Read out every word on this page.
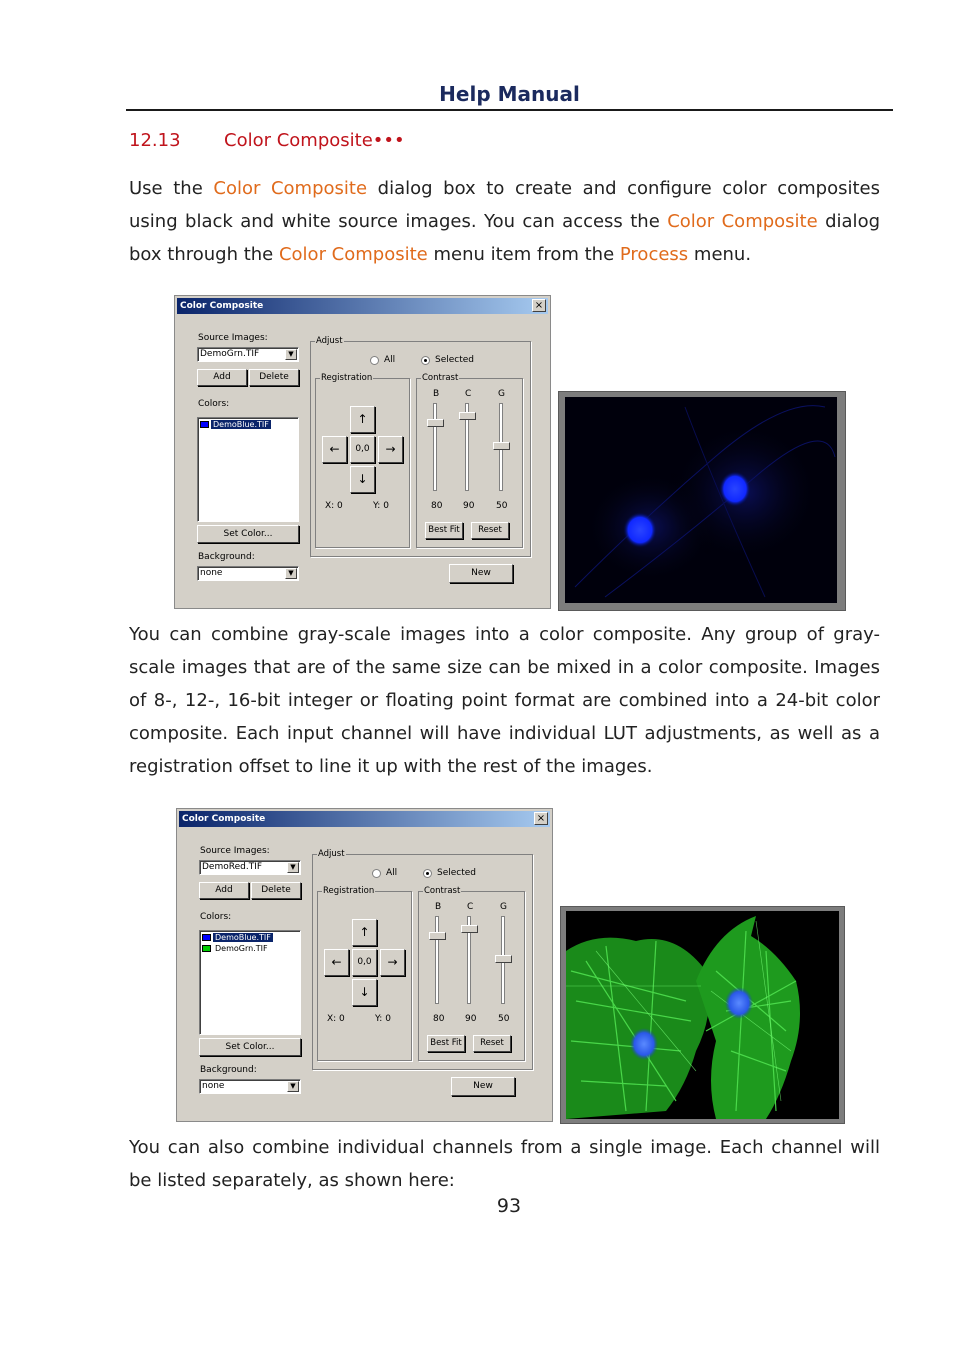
Help Manual
12.13 Color Composite•••
Use the Color Composite dialog box to create and configure color composites using black and white source images. You can access the Color Composite dialog box through the Color Composite menu item from the Process menu.
Color Composite	×
Source Images:
DemoGrn.TIF	▼
Add	Delete
Colors:
DemoBlue.TIF
Set Color...
Background:
none	▼
Adjust
All	Selected
Registration
↑
←	0,0	→
↓
X: 0	Y: 0
Contrast
B	C	G
80 90 50
Best Fit	Reset
New
You can combine gray-scale images into a color composite. Any group of gray-scale images that are of the same size can be mixed in a color composite. Images of 8-, 12-, 16-bit integer or floating point format are combined into a 24-bit color composite. Each input channel will have individual LUT adjustments, as well as a registration offset to line it up with the rest of the images.
Color Composite	×
Source Images:
DemoRed.TIF	▼
Add	Delete
Colors:
DemoBlue.TIF
DemoGrn.TIF
Set Color...
Background:
none	▼
Adjust
All	Selected
Registration
↑
←	0,0	→
↓
X: 0	Y: 0
Contrast
B	C	G
80 90 50
Best Fit	Reset
New
You can also combine individual channels from a single image. Each channel will be listed separately, as shown here:
93
